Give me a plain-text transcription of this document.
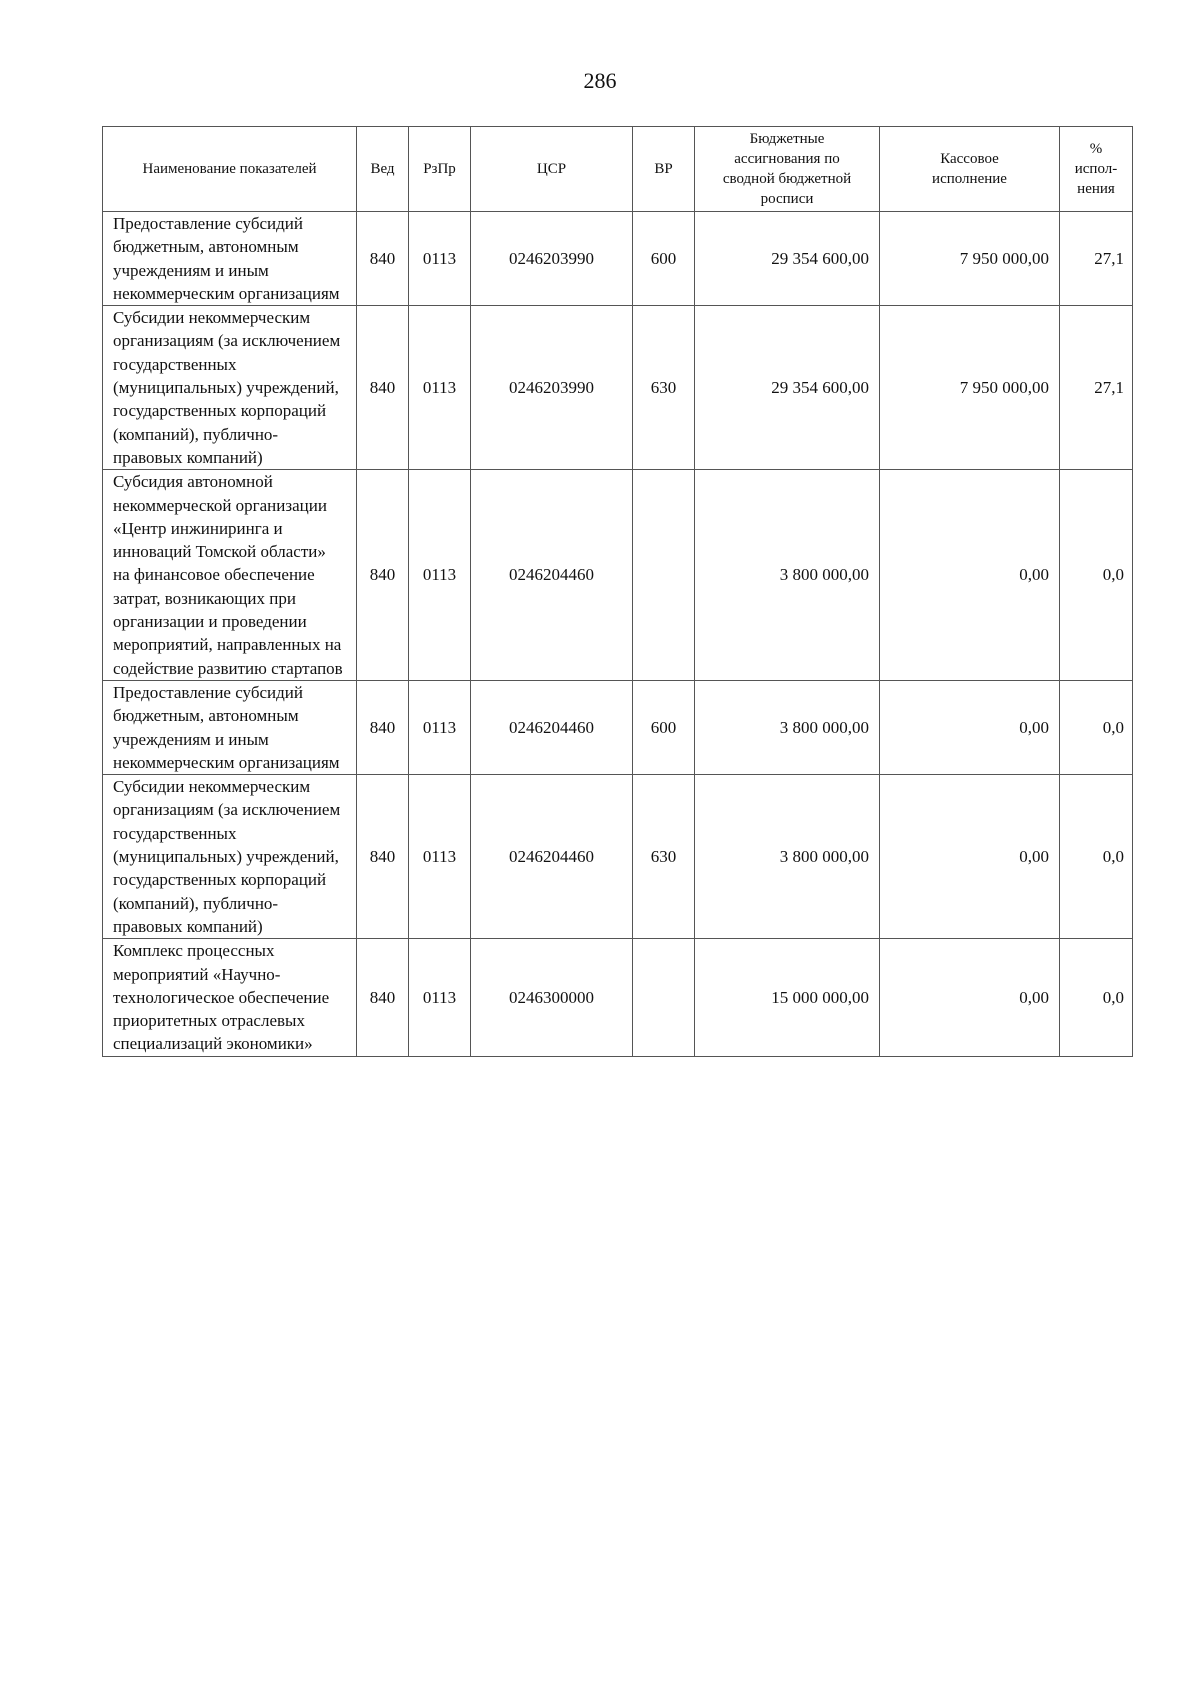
286
Наименование показателей	Вед	РзПр	ЦСР	ВР	Бюджетные ассигнования по сводной бюджетной росписи	Кассовое исполнение	% испол-нения
Предоставление субсидий бюджетным, автономным учреждениям и иным некоммерческим организациям	840	0113	0246203990	600	29 354 600,00	7 950 000,00	27,1
Субсидии некоммерческим организациям (за исключением государственных (муниципальных) учреждений, государственных корпораций (компаний), публично-правовых компаний)	840	0113	0246203990	630	29 354 600,00	7 950 000,00	27,1
Субсидия автономной некоммерческой организации «Центр инжиниринга и инноваций Томской области» на финансовое обеспечение затрат, возникающих при организации и проведении мероприятий, направленных на содействие развитию стартапов	840	0113	0246204460		3 800 000,00	0,00	0,0
Предоставление субсидий бюджетным, автономным учреждениям и иным некоммерческим организациям	840	0113	0246204460	600	3 800 000,00	0,00	0,0
Субсидии некоммерческим организациям (за исключением государственных (муниципальных) учреждений, государственных корпораций (компаний), публично-правовых компаний)	840	0113	0246204460	630	3 800 000,00	0,00	0,0
Комплекс процессных мероприятий «Научно-технологическое обеспечение приоритетных отраслевых специализаций экономики»	840	0113	0246300000		15 000 000,00	0,00	0,0
